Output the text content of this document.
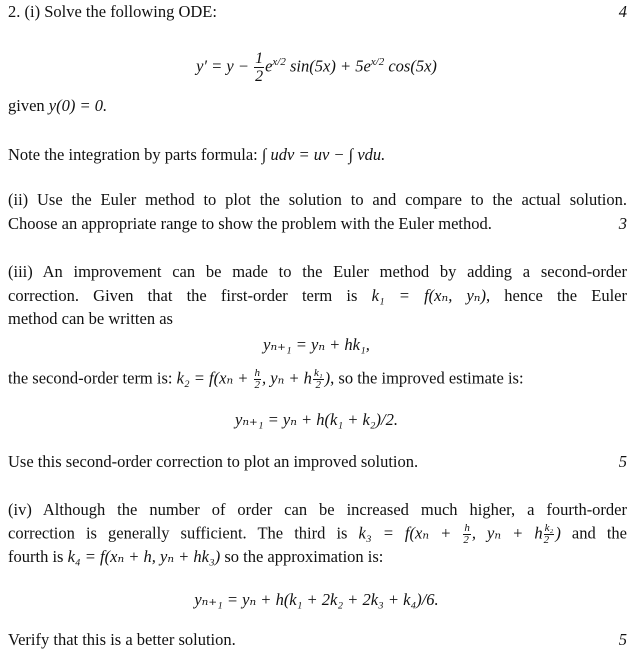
2. (i) Solve the following ODE:	4
$y' = y - \frac{1}{2} e^{x/2}$ $\sin(5x) + 5e^{x/2}$ cos(5x)
given y(0) = 0.
Note the integration by parts formula: ∫ udv = uv − ∫ vdu.
(ii) Use the Euler method to plot the solution to and compare to the actual solution.
Choose an appropriate range to show the problem with the Euler method.	3
(iii) An improvement can be made to the Euler method by adding a second-order
correction. Given that the first-order term is k₁ = f(xₙ, yₙ), hence the Euler
method can be written as
yₙ₊₁ = yₙ + hk₁,
the second-order term is: $k_2 = f(x_n + \frac{h}{2}$ , yₙ + h $\frac{\text{k₁}}{2}$ ), so the improved estimate is:
yₙ₊₁ = yₙ + h(k₁ + k₂)/2.
Use this second-order correction to plot an improved solution.	5
(iv) Although the number of order can be increased much higher, a fourth-order
correction is generally sufficient. The third is $k_3 = f(x_n + \frac{h}{2}$ , yₙ + h $\frac{\text{k₂}}{2}$ ) and the
fourth is k₄ = f(xₙ + h, yₙ + hk₃) so the approximation is:
yₙ₊₁ = yₙ + h(k₁ + 2k₂ + 2k₃ + k₄)/6.
Verify that this is a better solution.	5
